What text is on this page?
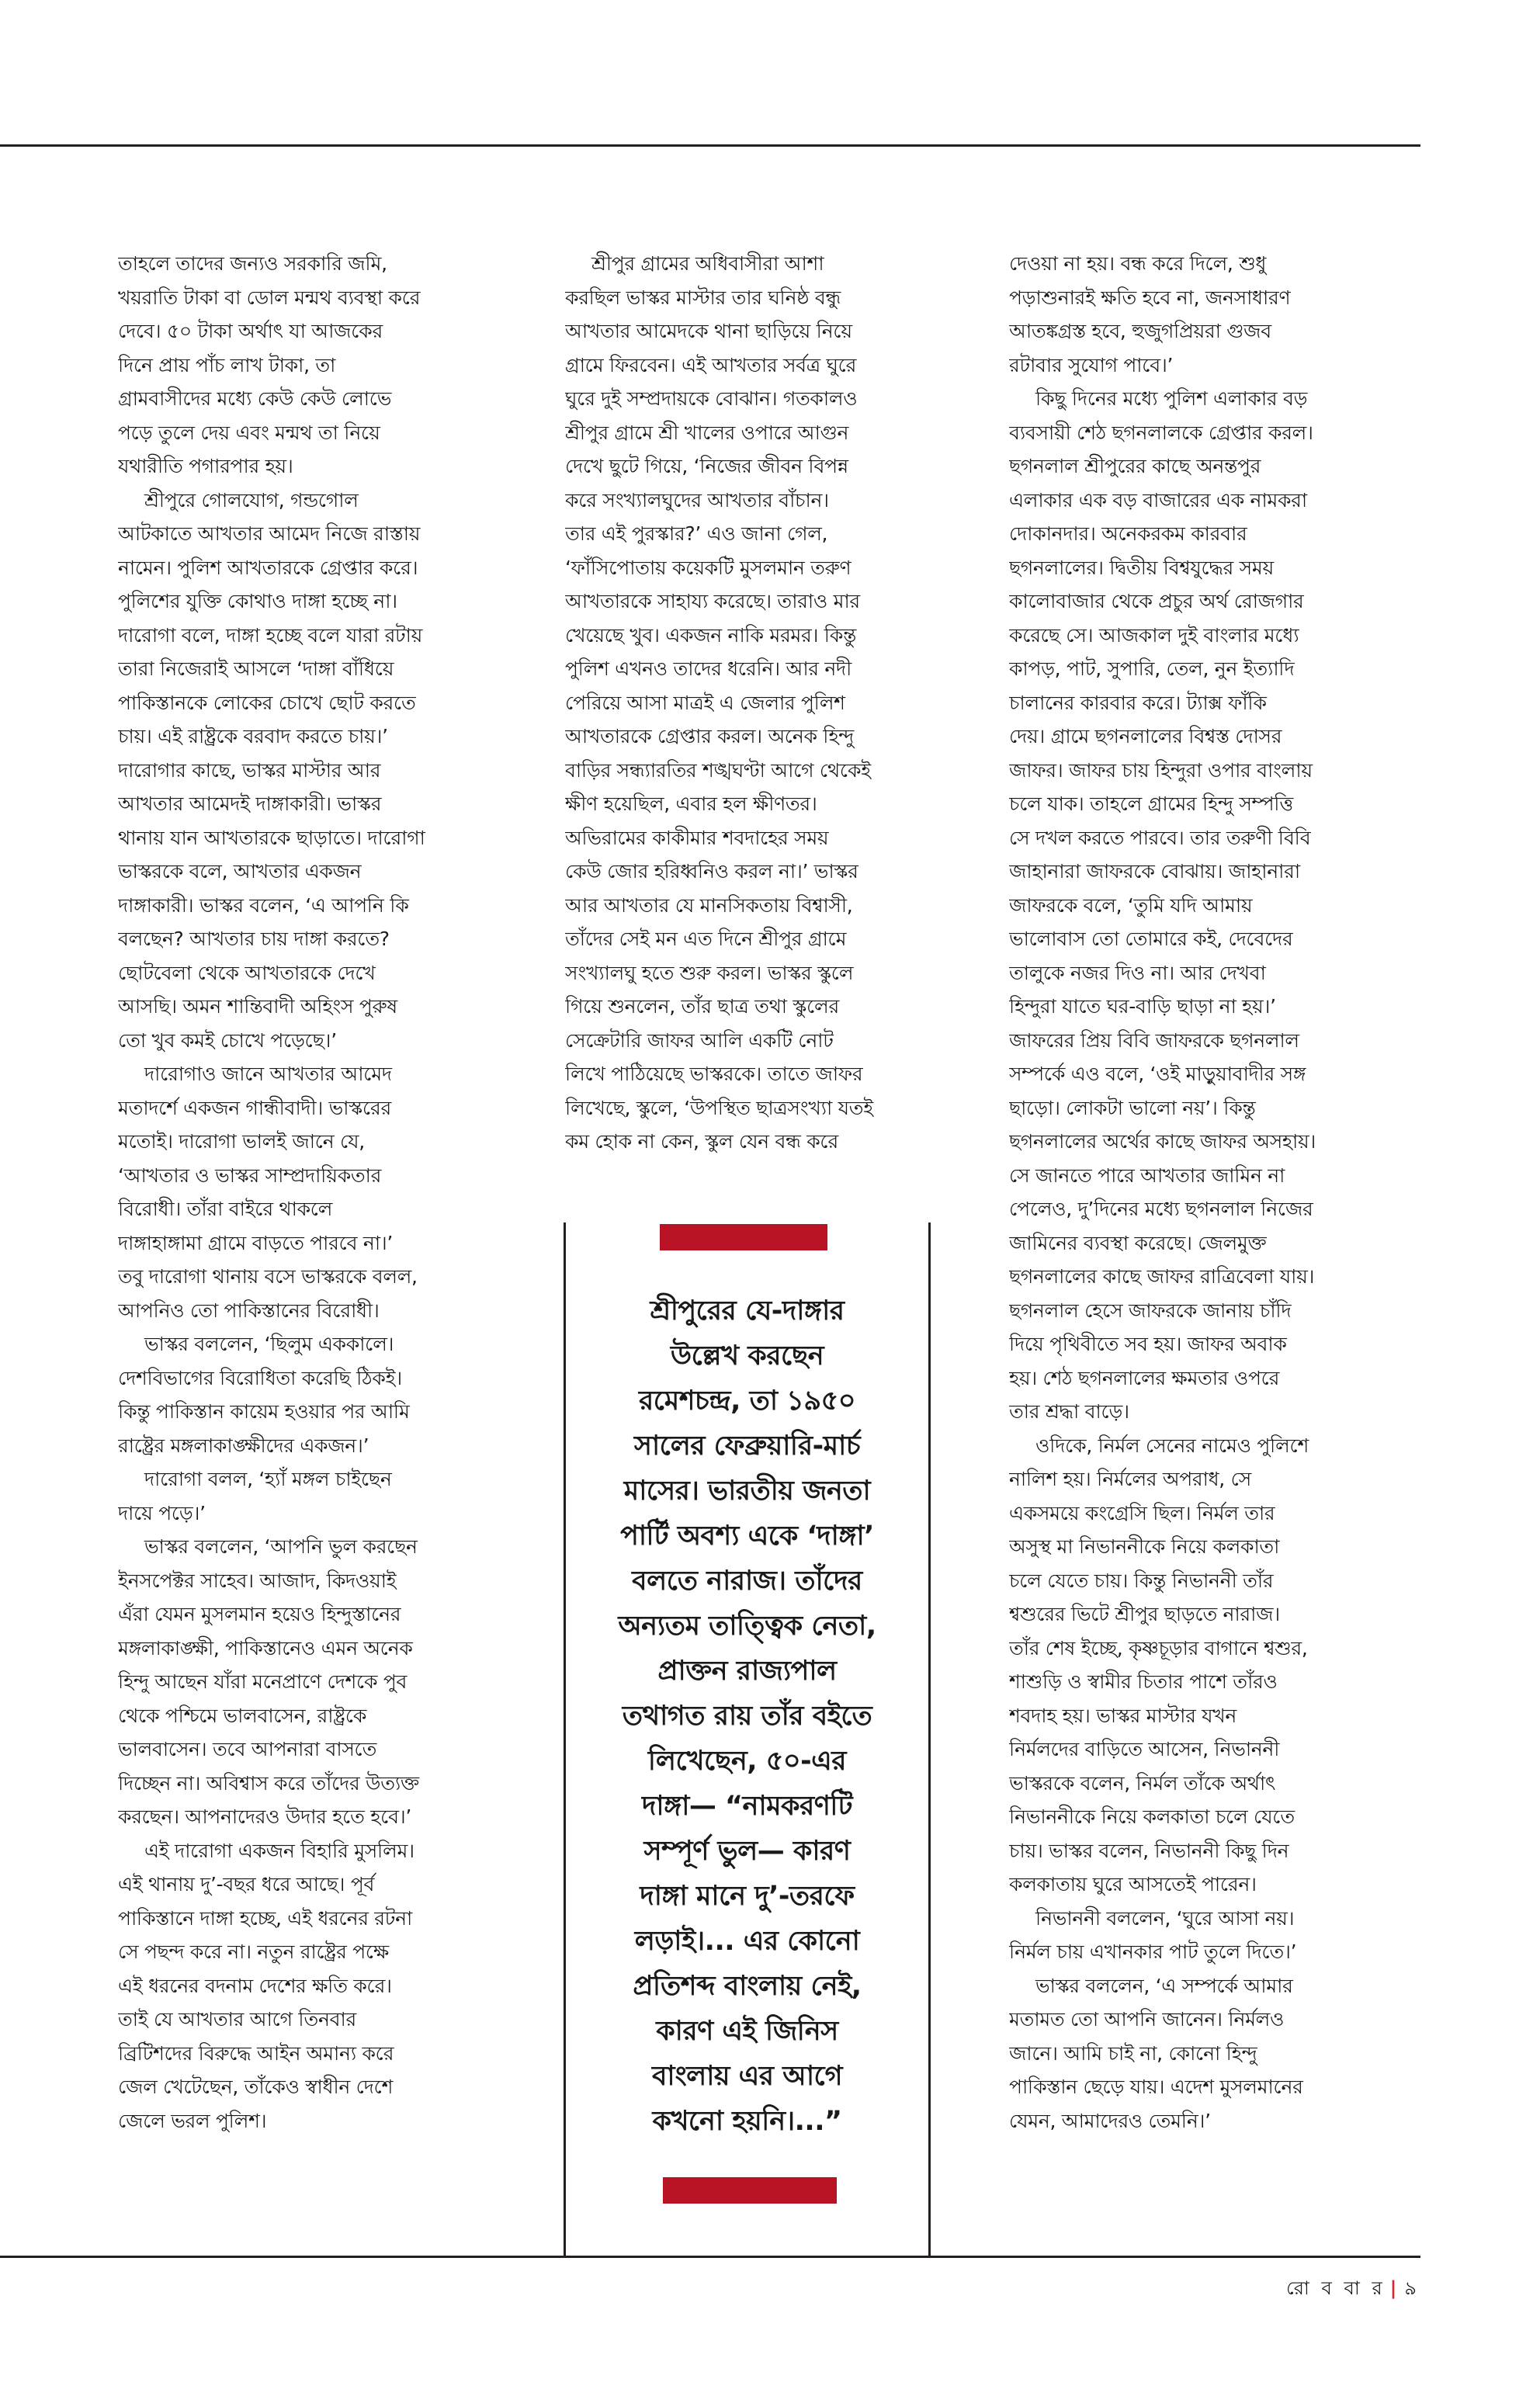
তাহলে তাদের জন্যও সরকারি জমি,
খয়রাতি টাকা বা ডোল মন্মথ ব্যবস্থা করে
দেবে। ৫০ টাকা অর্থাৎ যা আজকের
দিনে প্রায় পাঁচ লাখ টাকা, তা
গ্রামবাসীদের মধ্যে কেউ কেউ লোভে
পড়ে তুলে দেয় এবং মন্মথ তা নিয়ে
যথারীতি পগারপার হয়।
শ্রীপুরে গোলযোগ, গন্ডগোল
আটকাতে আখতার আমেদ নিজে রাস্তায়
নামেন। পুলিশ আখতারকে গ্রেপ্তার করে।
পুলিশের যুক্তি কোথাও দাঙ্গা হচ্ছে না।
দারোগা বলে, দাঙ্গা হচ্ছে বলে যারা রটায়
তারা নিজেরাই আসলে ‘দাঙ্গা বাঁধিয়ে
পাকিস্তানকে লোকের চোখে ছোট করতে
চায়। এই রাষ্ট্রকে বরবাদ করতে চায়।’
দারোগার কাছে, ভাস্কর মাস্টার আর
আখতার আমেদই দাঙ্গাকারী। ভাস্কর
থানায় যান আখতারকে ছাড়াতে। দারোগা
ভাস্করকে বলে, আখতার একজন
দাঙ্গাকারী। ভাস্কর বলেন, ‘এ আপনি কি
বলছেন? আখতার চায় দাঙ্গা করতে?
ছোটবেলা থেকে আখতারকে দেখে
আসছি। অমন শান্তিবাদী অহিংস পুরুষ
তো খুব কমই চোখে পড়েছে।’
দারোগাও জানে আখতার আমেদ
মতাদর্শে একজন গান্ধীবাদী। ভাস্করের
মতোই। দারোগা ভালই জানে যে,
‘আখতার ও ভাস্কর সাম্প্রদায়িকতার
বিরোধী। তাঁরা বাইরে থাকলে
দাঙ্গাহাঙ্গামা গ্রামে বাড়তে পারবে না।’
তবু দারোগা থানায় বসে ভাস্করকে বলল,
আপনিও তো পাকিস্তানের বিরোধী।
ভাস্কর বললেন, ‘ছিলুম এককালে।
দেশবিভাগের বিরোধিতা করেছি ঠিকই।
কিন্তু পাকিস্তান কায়েম হওয়ার পর আমি
রাষ্ট্রের মঙ্গলাকাঙ্ক্ষীদের একজন।’
দারোগা বলল, ‘হ্যাঁ মঙ্গল চাইছেন
দায়ে পড়ে।’
ভাস্কর বললেন, ‘আপনি ভুল করছেন
ইনসপেক্টর সাহেব। আজাদ, কিদওয়াই
এঁরা যেমন মুসলমান হয়েও হিন্দুস্তানের
মঙ্গলাকাঙ্ক্ষী, পাকিস্তানেও এমন অনেক
হিন্দু আছেন যাঁরা মনেপ্রাণে দেশকে পুব
থেকে পশ্চিমে ভালবাসেন, রাষ্ট্রকে
ভালবাসেন। তবে আপনারা বাসতে
দিচ্ছেন না। অবিশ্বাস করে তাঁদের উত্যক্ত
করছেন। আপনাদেরও উদার হতে হবে।’
এই দারোগা একজন বিহারি মুসলিম।
এই থানায় দু’-বছর ধরে আছে। পূর্ব
পাকিস্তানে দাঙ্গা হচ্ছে, এই ধরনের রটনা
সে পছন্দ করে না। নতুন রাষ্ট্রের পক্ষে
এই ধরনের বদনাম দেশের ক্ষতি করে।
তাই যে আখতার আগে তিনবার
ব্রিটিশদের বিরুদ্ধে আইন অমান্য করে
জেল খেটেছেন, তাঁকেও স্বাধীন দেশে
জেলে ভরল পুলিশ।
শ্রীপুর গ্রামের অধিবাসীরা আশা
করছিল ভাস্কর মাস্টার তার ঘনিষ্ঠ বন্ধু
আখতার আমেদকে থানা ছাড়িয়ে নিয়ে
গ্রামে ফিরবেন। এই আখতার সর্বত্র ঘুরে
ঘুরে দুই সম্প্রদায়কে বোঝান। গতকালও
শ্রীপুর গ্রামে শ্রী খালের ওপারে আগুন
দেখে ছুটে গিয়ে, ‘নিজের জীবন বিপন্ন
করে সংখ্যালঘুদের আখতার বাঁচান।
তার এই পুরস্কার?’ এও জানা গেল,
‘ফাঁসিপোতায় কয়েকটি মুসলমান তরুণ
আখতারকে সাহায্য করেছে। তারাও মার
খেয়েছে খুব। একজন নাকি মরমর। কিন্তু
পুলিশ এখনও তাদের ধরেনি। আর নদী
পেরিয়ে আসা মাত্রই এ জেলার পুলিশ
আখতারকে গ্রেপ্তার করল। অনেক হিন্দু
বাড়ির সন্ধ্যারতির শঙ্খঘণ্টা আগে থেকেই
ক্ষীণ হয়েছিল, এবার হল ক্ষীণতর।
অভিরামের কাকীমার শবদাহের সময়
কেউ জোর হরিধ্বনিও করল না।’ ভাস্কর
আর আখতার যে মানসিকতায় বিশ্বাসী,
তাঁদের সেই মন এত দিনে শ্রীপুর গ্রামে
সংখ্যালঘু হতে শুরু করল। ভাস্কর স্কুলে
গিয়ে শুনলেন, তাঁর ছাত্র তথা স্কুলের
সেক্রেটারি জাফর আলি একটি নোট
লিখে পাঠিয়েছে ভাস্করকে। তাতে জাফর
লিখেছে, স্কুলে, ‘উপস্থিত ছাত্রসংখ্যা যতই
কম হোক না কেন, স্কুল যেন বন্ধ করে
দেওয়া না হয়। বন্ধ করে দিলে, শুধু
পড়াশুনারই ক্ষতি হবে না, জনসাধারণ
আতঙ্কগ্রস্ত হবে, হুজুগপ্রিয়রা গুজব
রটাবার সুযোগ পাবে।’
কিছু দিনের মধ্যে পুলিশ এলাকার বড়
ব্যবসায়ী শেঠ ছগনলালকে গ্রেপ্তার করল।
ছগনলাল শ্রীপুরের কাছে অনন্তপুর
এলাকার এক বড় বাজারের এক নামকরা
দোকানদার। অনেকরকম কারবার
ছগনলালের। দ্বিতীয় বিশ্বযুদ্ধের সময়
কালোবাজার থেকে প্রচুর অর্থ রোজগার
করেছে সে। আজকাল দুই বাংলার মধ্যে
কাপড়, পাট, সুপারি, তেল, নুন ইত্যাদি
চালানের কারবার করে। ট্যাক্স ফাঁকি
দেয়। গ্রামে ছগনলালের বিশ্বস্ত দোসর
জাফর। জাফর চায় হিন্দুরা ওপার বাংলায়
চলে যাক। তাহলে গ্রামের হিন্দু সম্পত্তি
সে দখল করতে পারবে। তার তরুণী বিবি
জাহানারা জাফরকে বোঝায়। জাহানারা
জাফরকে বলে, ‘তুমি যদি আমায়
ভালোবাস তো তোমারে কই, দেবেদের
তালুকে নজর দিও না। আর দেখবা
হিন্দুরা যাতে ঘর-বাড়ি ছাড়া না হয়।’
জাফরের প্রিয় বিবি জাফরকে ছগনলাল
সম্পর্কে এও বলে, ‘ওই মাড়ুয়াবাদীর সঙ্গ
ছাড়ো। লোকটা ভালো নয়’। কিন্তু
ছগনলালের অর্থের কাছে জাফর অসহায়।
সে জানতে পারে আখতার জামিন না
পেলেও, দু’দিনের মধ্যে ছগনলাল নিজের
জামিনের ব্যবস্থা করেছে। জেলমুক্ত
ছগনলালের কাছে জাফর রাত্রিবেলা যায়।
ছগনলাল হেসে জাফরকে জানায় চাঁদি
দিয়ে পৃথিবীতে সব হয়। জাফর অবাক
হয়। শেঠ ছগনলালের ক্ষমতার ওপরে
তার শ্রদ্ধা বাড়ে।
ওদিকে, নির্মল সেনের নামেও পুলিশে
নালিশ হয়। নির্মলের অপরাধ, সে
একসময়ে কংগ্রেসি ছিল। নির্মল তার
অসুস্থ মা নিভাননীকে নিয়ে কলকাতা
চলে যেতে চায়। কিন্তু নিভাননী তাঁর
শ্বশুরের ভিটে শ্রীপুর ছাড়তে নারাজ।
তাঁর শেষ ইচ্ছে, কৃষ্ণচূড়ার বাগানে শ্বশুর,
শাশুড়ি ও স্বামীর চিতার পাশে তাঁরও
শবদাহ হয়। ভাস্কর মাস্টার যখন
নির্মলদের বাড়িতে আসেন, নিভাননী
ভাস্করকে বলেন, নির্মল তাঁকে অর্থাৎ
নিভাননীকে নিয়ে কলকাতা চলে যেতে
চায়। ভাস্কর বলেন, নিভাননী কিছু দিন
কলকাতায় ঘুরে আসতেই পারেন।
নিভাননী বললেন, ‘ঘুরে আসা নয়।
নির্মল চায় এখানকার পাট তুলে দিতে।’
ভাস্কর বললেন, ‘এ সম্পর্কে আমার
মতামত তো আপনি জানেন। নির্মলও
জানে। আমি চাই না, কোনো হিন্দু
পাকিস্তান ছেড়ে যায়। এদেশ মুসলমানের
যেমন, আমাদেরও তেমনি।’
শ্রীপুরের যে-দাঙ্গার
উল্লেখ করছেন
রমেশচন্দ্র, তা ১৯৫০
সালের ফেব্রুয়ারি-মার্চ
মাসের। ভারতীয় জনতা
পার্টি অবশ্য একে ‘দাঙ্গা’
বলতে নারাজ। তাঁদের
অন্যতম তাত্ত্বিক নেতা,
প্রাক্তন রাজ্যপাল
তথাগত রায় তাঁর বইতে
লিখেছেন, ৫০-এর
দাঙ্গা— “নামকরণটি
সম্পূর্ণ ভুল— কারণ
দাঙ্গা মানে দু’-তরফে
লড়াই।... এর কোনো
প্রতিশব্দ বাংলায় নেই,
কারণ এই জিনিস
বাংলায় এর আগে
কখনো হয়নি।...”
রো ব বা র | ৯
